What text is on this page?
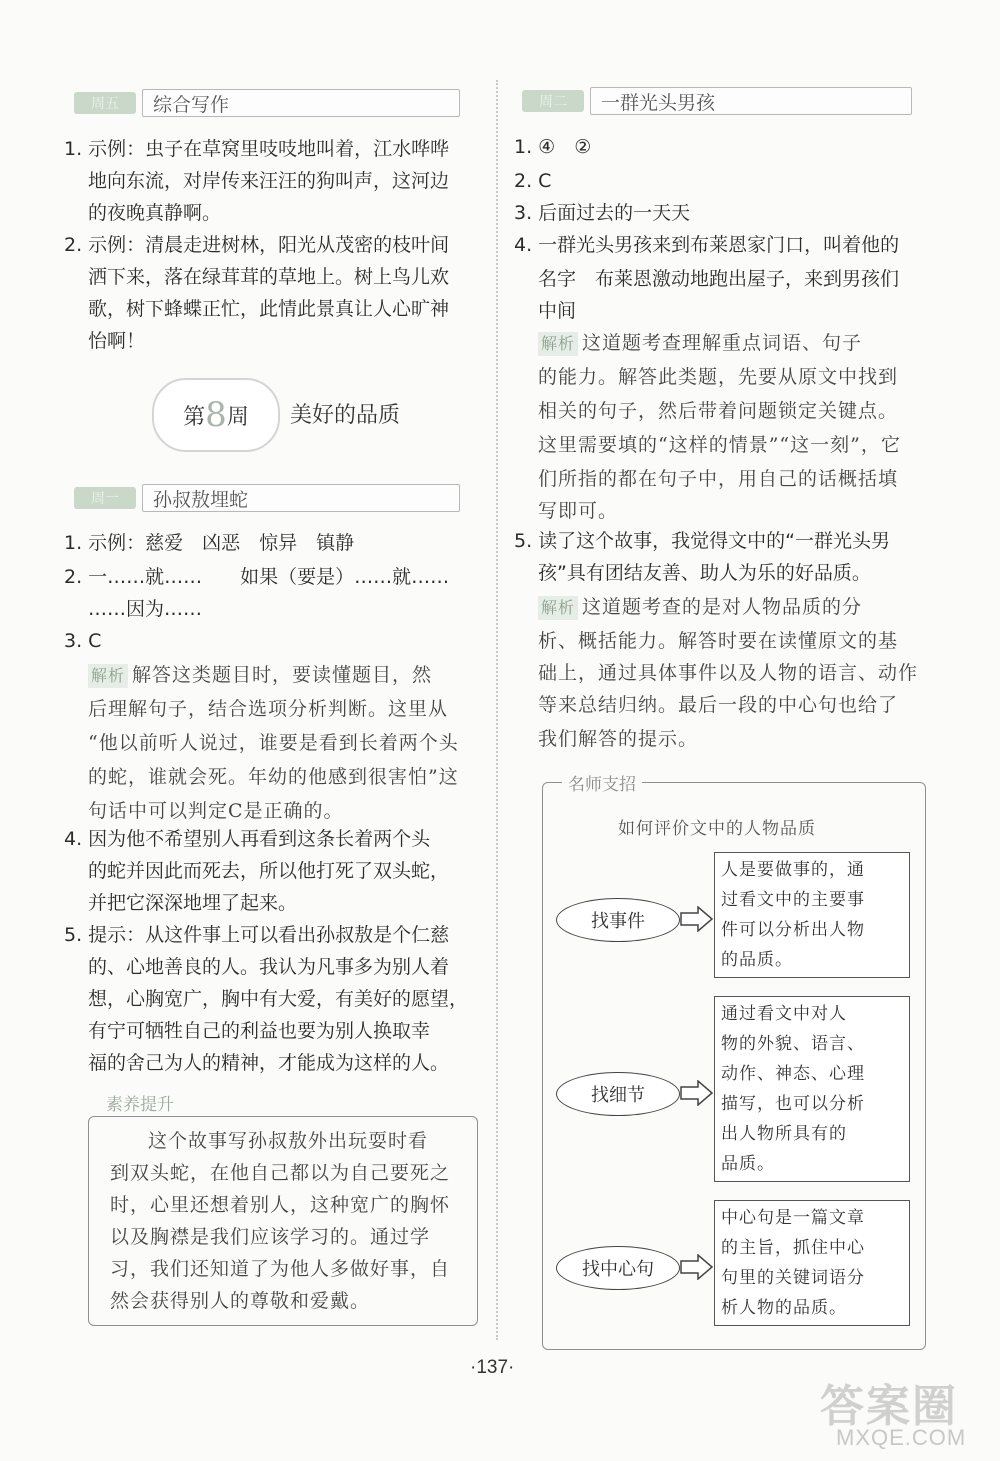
周五	综合写作
1. 示例：虫子在草窝里吱吱地叫着，江水哗哗
地向东流，对岸传来汪汪的狗叫声，这河边
的夜晚真静啊。
2. 示例：清晨走进树林，阳光从茂密的枝叶间
洒下来，落在绿茸茸的草地上。树上鸟儿欢
歌，树下蜂蝶正忙，此情此景真让人心旷神
怡啊！
第 8 周 美好的品质
周一	孙叔敖埋蛇
1. 示例：慈爱　凶恶　惊异　镇静
2. 一……就……　　如果（要是）……就……
……因为……
3. C
解析 解答这类题目时，要读懂题目，然
后理解句子，结合选项分析判断。这里从
“他以前听人说过，谁要是看到长着两个头
的蛇，谁就会死。年幼的他感到很害怕”这
句话中可以判定C是正确的。
4. 因为他不希望别人再看到这条长着两个头
的蛇并因此而死去，所以他打死了双头蛇，
并把它深深地埋了起来。
5. 提示：从这件事上可以看出孙叔敖是个仁慈
的、心地善良的人。我认为凡事多为别人着
想，心胸宽广，胸中有大爱，有美好的愿望，
有宁可牺牲自己的利益也要为别人换取幸
福的舍己为人的精神，才能成为这样的人。
素养提升
这个故事写孙叔敖外出玩耍时看
到双头蛇，在他自己都以为自己要死之
时，心里还想着别人，这种宽广的胸怀
以及胸襟是我们应该学习的。通过学
习，我们还知道了为他人多做好事，自
然会获得别人的尊敬和爱戴。
周二	一群光头男孩
1. ④　②
2. C
3. 后面过去的一天天
4. 一群光头男孩来到布莱恩家门口，叫着他的
名字　布莱恩激动地跑出屋子，来到男孩们
中间
解析 这道题考查理解重点词语、句子
的能力。解答此类题，先要从原文中找到
相关的句子，然后带着问题锁定关键点。
这里需要填的“这样的情景”“这一刻”，它
们所指的都在句子中，用自己的话概括填
写即可。
5. 读了这个故事，我觉得文中的“一群光头男
孩”具有团结友善、助人为乐的好品质。
解析 这道题考查的是对人物品质的分
析、概括能力。解答时要在读懂原文的基
础上，通过具体事件以及人物的语言、动作
等来总结归纳。最后一段的中心句也给了
我们解答的提示。
名师支招
如何评价文中的人物品质
找事件
人是要做事的，通
过看文中的主要事
件可以分析出人物
的品质。
找细节
通过看文中对人
物的外貌、语言、
动作、神态、心理
描写，也可以分析
出人物所具有的
品质。
找中心句
中心句是一篇文章
的主旨，抓住中心
句里的关键词语分
析人物的品质。
·137·
答案圈
MXQE.COM
